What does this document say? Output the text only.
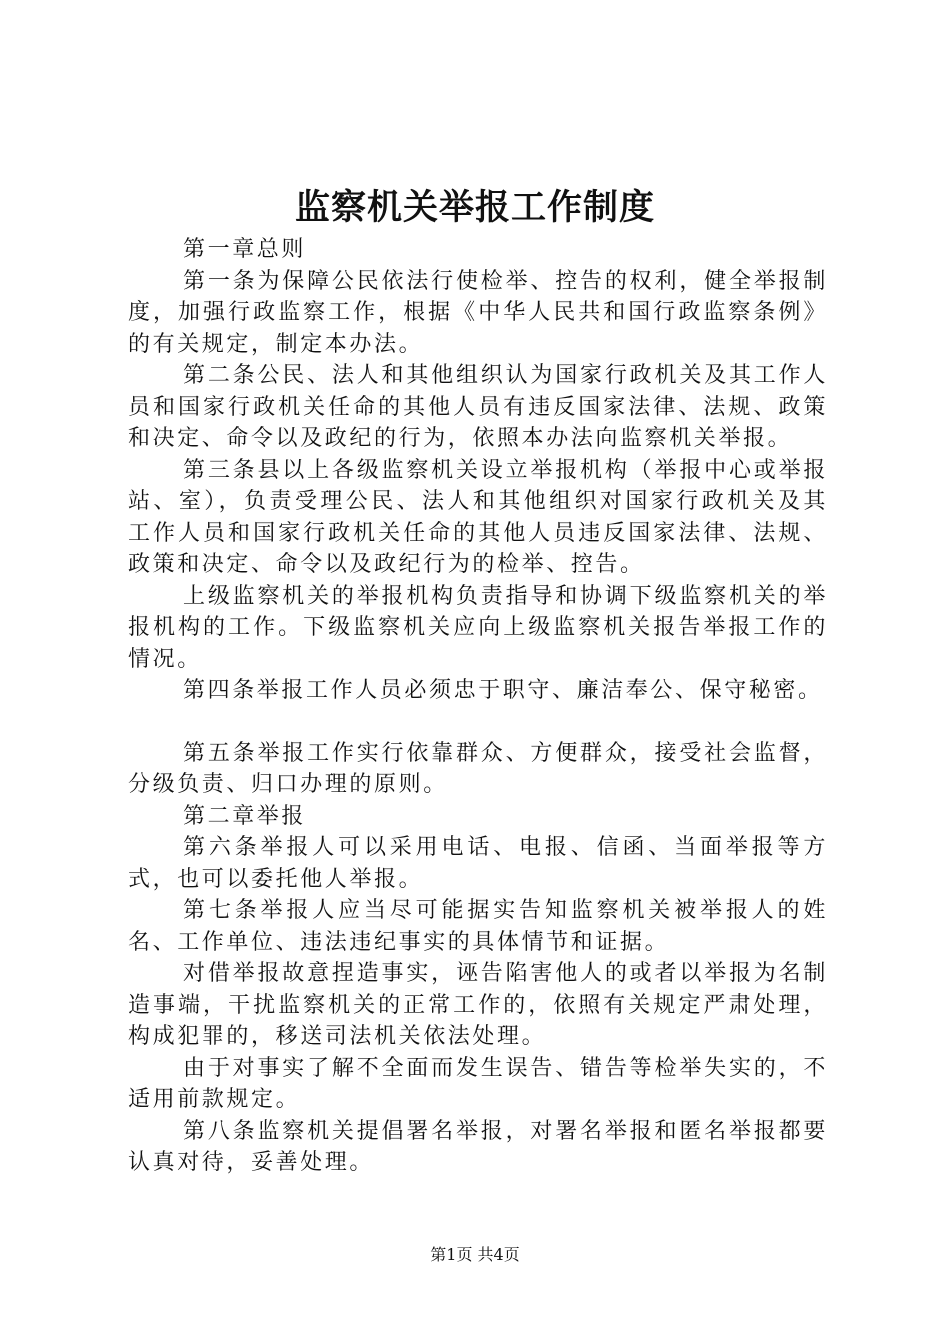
监察机关举报工作制度

第一章总则

第一条为保障公民依法行使检举、控告的权利，健全举报制度，加强行政监察工作，根据《中华人民共和国行政监察条例》的有关规定，制定本办法。

第二条公民、法人和其他组织认为国家行政机关及其工作人员和国家行政机关任命的其他人员有违反国家法律、法规、政策和决定、命令以及政纪的行为，依照本办法向监察机关举报。

第三条县以上各级监察机关设立举报机构（举报中心或举报站、室），负责受理公民、法人和其他组织对国家行政机关及其工作人员和国家行政机关任命的其他人员违反国家法律、法规、政策和决定、命令以及政纪行为的检举、控告。

上级监察机关的举报机构负责指导和协调下级监察机关的举报机构的工作。下级监察机关应向上级监察机关报告举报工作的情况。

第四条举报工作人员必须忠于职守、廉洁奉公、保守秘密。

第五条举报工作实行依靠群众、方便群众，接受社会监督，分级负责、归口办理的原则。

第二章举报

第六条举报人可以采用电话、电报、信函、当面举报等方式，也可以委托他人举报。

第七条举报人应当尽可能据实告知监察机关被举报人的姓名、工作单位、违法违纪事实的具体情节和证据。

对借举报故意捏造事实，诬告陷害他人的或者以举报为名制造事端，干扰监察机关的正常工作的，依照有关规定严肃处理，构成犯罪的，移送司法机关依法处理。

由于对事实了解不全面而发生误告、错告等检举失实的，不适用前款规定。

第八条监察机关提倡署名举报，对署名举报和匿名举报都要认真对待，妥善处理。

第1页 共4页
